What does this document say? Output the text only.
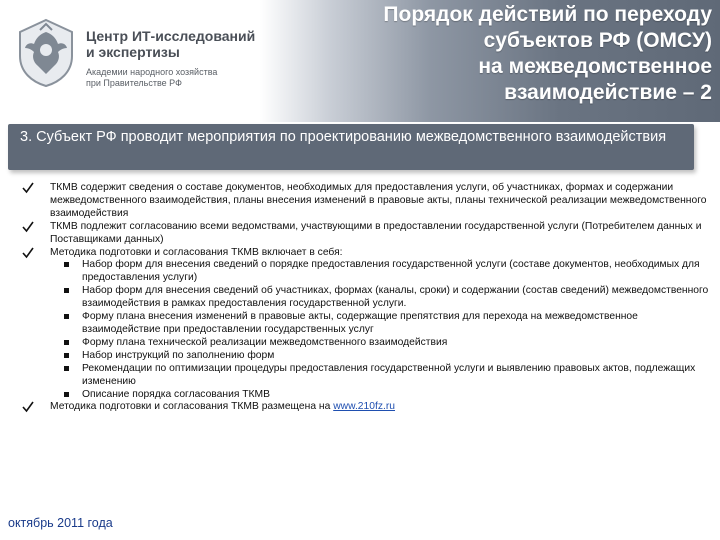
Центр ИТ-исследований
и экспертизы
Академии народного хозяйства
при Правительстве РФ
Порядок действий по переходу
субъектов РФ (ОМСУ)
на межведомственное
взаимодействие – 2
3. Субъект РФ проводит мероприятия по проектированию межведомственного взаимодействия
ТКМВ содержит сведения о составе документов, необходимых для предоставления услуги, об участниках, формах и содержании межведомственного взаимодействия, планы внесения изменений в правовые акты, планы технической реализации межведомственного взаимодействия
ТКМВ подлежит согласованию всеми ведомствами, участвующими в предоставлении государственной услуги (Потребителем данных и Поставщиками данных)
Методика подготовки и согласования ТКМВ включает в себя:
Набор форм для внесения сведений о порядке предоставления государственной услуги (составе документов, необходимых для предоставления услуги)
Набор форм для внесения сведений об участниках, формах (каналы, сроки) и содержании (состав сведений) межведомственного взаимодействия в рамках предоставления государственной услуги.
Форму плана внесения изменений в правовые акты, содержащие препятствия для перехода на межведомственное взаимодействие при предоставлении государственных услуг
Форму плана технической реализации межведомственного взаимодействия
Набор инструкций по заполнению форм
Рекомендации по оптимизации процедуры предоставления государственной услуги и выявлению правовых актов, подлежащих изменению
Описание порядка согласования ТКМВ
Методика подготовки и согласования ТКМВ размещена на www.210fz.ru
октябрь 2011 года
